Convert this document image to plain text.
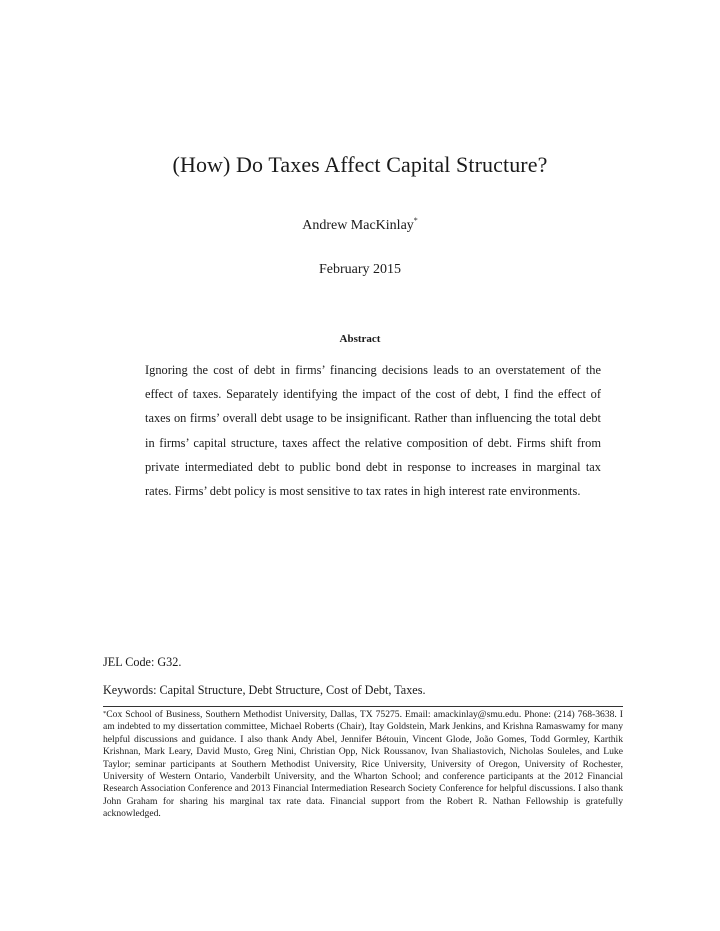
(How) Do Taxes Affect Capital Structure?
Andrew MacKinlay*
February 2015
Abstract
Ignoring the cost of debt in firms’ financing decisions leads to an overstatement of the effect of taxes. Separately identifying the impact of the cost of debt, I find the effect of taxes on firms’ overall debt usage to be insignificant. Rather than influencing the total debt in firms’ capital structure, taxes affect the relative composition of debt. Firms shift from private intermediated debt to public bond debt in response to increases in marginal tax rates. Firms’ debt policy is most sensitive to tax rates in high interest rate environments.
JEL Code: G32.
Keywords: Capital Structure, Debt Structure, Cost of Debt, Taxes.
*Cox School of Business, Southern Methodist University, Dallas, TX 75275. Email: amackinlay@smu.edu. Phone: (214) 768-3638. I am indebted to my dissertation committee, Michael Roberts (Chair), Itay Goldstein, Mark Jenkins, and Krishna Ramaswamy for many helpful discussions and guidance. I also thank Andy Abel, Jennifer Bétouin, Vincent Glode, João Gomes, Todd Gormley, Karthik Krishnan, Mark Leary, David Musto, Greg Nini, Christian Opp, Nick Roussanov, Ivan Shaliastovich, Nicholas Souleles, and Luke Taylor; seminar participants at Southern Methodist University, Rice University, University of Oregon, University of Rochester, University of Western Ontario, Vanderbilt University, and the Wharton School; and conference participants at the 2012 Financial Research Association Conference and 2013 Financial Intermediation Research Society Conference for helpful discussions. I also thank John Graham for sharing his marginal tax rate data. Financial support from the Robert R. Nathan Fellowship is gratefully acknowledged.
